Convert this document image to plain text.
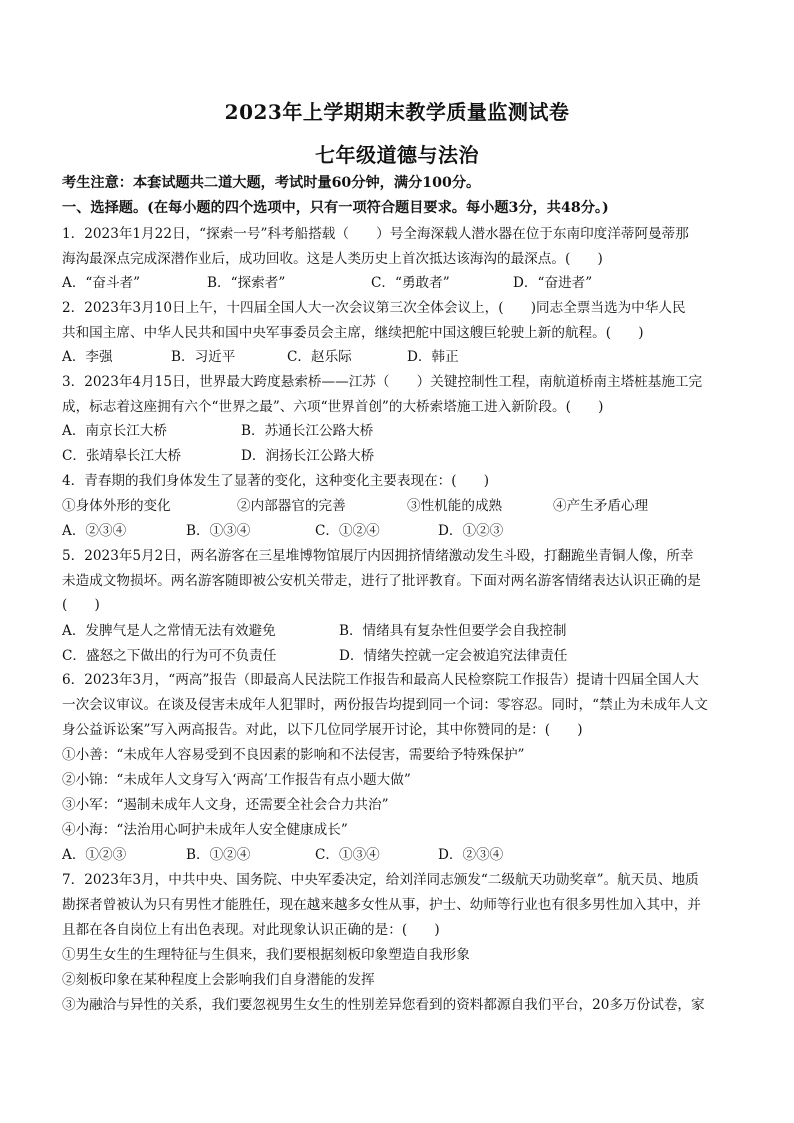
2023年上学期期末教学质量监测试卷
七年级道德与法治
考生注意：本套试题共二道大题，考试时量60分钟，满分100分。
一、选择题。(在每小题的四个选项中，只有一项符合题目要求。每小题3分，共48分。)
1．2023年1月22日，“探索一号”科考船搭载（　　）号全海深载人潜水器在位于东南印度洋蒂阿曼蒂那
海沟最深点完成深潜作业后，成功回收。这是人类历史上首次抵达该海沟的最深点。(　　)
A．“奋斗者”	B．“探索者”	C．“勇敢者”	D．“奋进者”
2．2023年3月10日上午，十四届全国人大一次会议第三次全体会议上，(　　)同志全票当选为中华人民
共和国主席、中华人民共和国中央军事委员会主席，继续把舵中国这艘巨轮驶上新的航程。(　　)
A．李强	B．习近平	C．赵乐际	D．韩正
3．2023年4月15日，世界最大跨度悬索桥——江苏（　　）关键控制性工程，南航道桥南主塔桩基施工完
成，标志着这座拥有六个“世界之最”、六项“世界首创”的大桥索塔施工进入新阶段。(　　)
A．南京长江大桥	B．苏通长江公路大桥
C．张靖皋长江大桥	D．润扬长江公路大桥
4．青春期的我们身体发生了显著的变化，这种变化主要表现在：(　　)
①身体外形的变化	②内部器官的完善	③性机能的成熟	④产生矛盾心理
A．②③④	B．①③④	C．①②④	D．①②③
5．2023年5月2日，两名游客在三星堆博物馆展厅内因拥挤情绪激动发生斗殴，打翻跪坐青铜人像，所幸
未造成文物损坏。两名游客随即被公安机关带走，进行了批评教育。下面对两名游客情绪表达认识正确的是
(　　)
A．发脾气是人之常情无法有效避免	B．情绪具有复杂性但要学会自我控制
C．盛怒之下做出的行为可不负责任	D．情绪失控就一定会被追究法律责任
6．2023年3月，“两高”报告（即最高人民法院工作报告和最高人民检察院工作报告）提请十四届全国人大
一次会议审议。在谈及侵害未成年人犯罪时，两份报告均提到同一个词：零容忍。同时，“禁止为未成年人文
身公益诉讼案”写入两高报告。对此，以下几位同学展开讨论，其中你赞同的是：(　　)
①小善：“未成年人容易受到不良因素的影响和不法侵害，需要给予特殊保护”
②小锦：“未成年人文身写入‘两高’工作报告有点小题大做”
③小军：“遏制未成年人文身，还需要全社会合力共治”
④小海：“法治用心呵护未成年人安全健康成长”
A．①②③	B．①②④	C．①③④	D．②③④
7．2023年3月，中共中央、国务院、中央军委决定，给刘洋同志颁发“二级航天功勋奖章”。航天员、地质
勘探者曾被认为只有男性才能胜任，现在越来越多女性从事，护士、幼师等行业也有很多男性加入其中，并
且都在各自岗位上有出色表现。对此现象认识正确的是：(　　)
①男生女生的生理特征与生俱来，我们要根据刻板印象塑造自我形象
②刻板印象在某种程度上会影响我们自身潜能的发挥
③为融洽与异性的关系，我们要忽视男生女生的性别差异您看到的资料都源自我们平台，20多万份试卷，家
